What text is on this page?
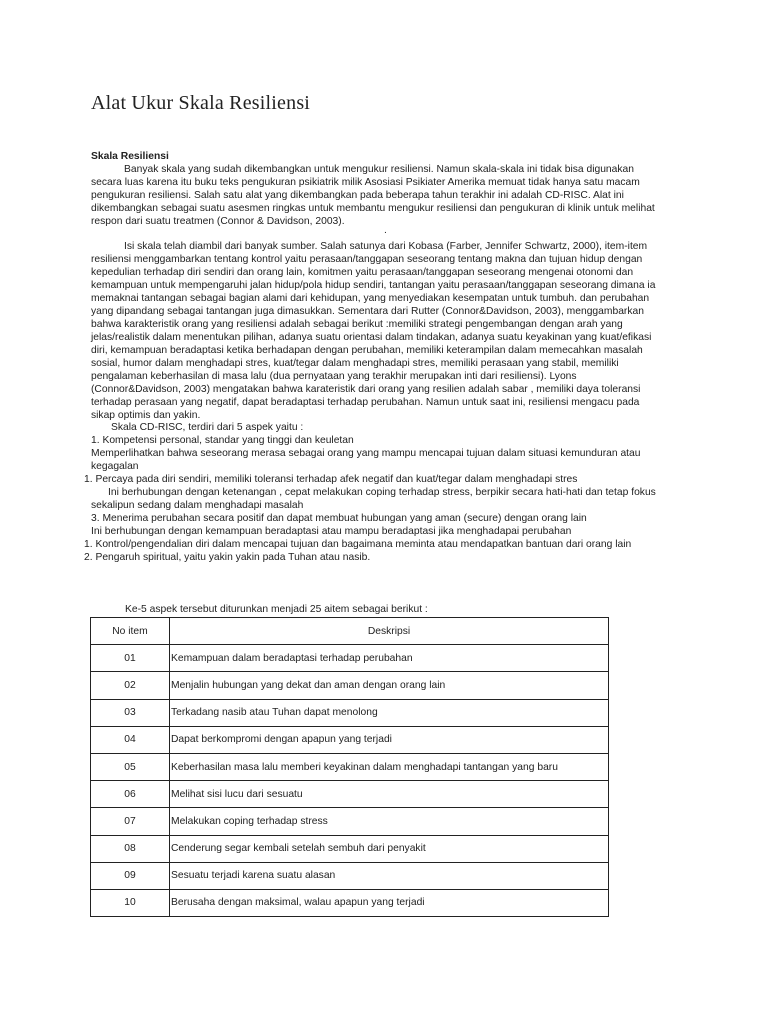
Alat Ukur Skala Resiliensi
Skala Resiliensi
Banyak skala yang sudah dikembangkan untuk mengukur resiliensi. Namun skala-skala ini tidak bisa digunakan
secara luas karena itu buku teks pengukuran psikiatrik milik Asosiasi Psikiater Amerika memuat tidak hanya satu macam
pengukuran resiliensi. Salah satu alat yang dikembangkan pada beberapa tahun terakhir ini adalah CD-RISC. Alat ini
dikembangkan sebagai suatu asesmen ringkas untuk membantu mengukur resiliensi dan pengukuran di klinik untuk melihat
respon dari suatu treatmen (Connor & Davidson, 2003).
.
Isi skala telah diambil dari banyak sumber. Salah satunya dari Kobasa (Farber, Jennifer Schwartz, 2000), item-item
resiliensi menggambarkan tentang kontrol yaitu perasaan/tanggapan seseorang tentang makna dan tujuan hidup dengan
kepedulian terhadap diri sendiri dan orang lain, komitmen yaitu perasaan/tanggapan seseorang mengenai otonomi dan
kemampuan untuk mempengaruhi jalan hidup/pola hidup sendiri, tantangan yaitu perasaan/tanggapan seseorang dimana ia
memaknai tantangan sebagai bagian alami dari kehidupan, yang menyediakan kesempatan untuk tumbuh. dan perubahan
yang dipandang sebagai tantangan juga dimasukkan. Sementara dari Rutter (Connor&Davidson, 2003), menggambarkan
bahwa karakteristik orang yang resiliensi adalah sebagai berikut :memiliki strategi pengembangan dengan arah yang
jelas/realistik dalam menentukan pilihan, adanya suatu orientasi dalam tindakan, adanya suatu keyakinan yang kuat/efikasi
diri, kemampuan beradaptasi ketika berhadapan dengan perubahan, memiliki keterampilan dalam memecahkan masalah
sosial, humor dalam menghadapi stres, kuat/tegar dalam menghadapi stres, memiliki perasaan yang stabil, memiliki
pengalaman keberhasilan di masa lalu (dua pernyataan yang terakhir merupakan inti dari resiliensi). Lyons
(Connor&Davidson, 2003) mengatakan bahwa karateristik dari orang yang resilien adalah sabar , memiliki daya toleransi
terhadap perasaan yang negatif, dapat beradaptasi terhadap perubahan. Namun untuk saat ini, resiliensi mengacu pada
sikap optimis dan yakin.
Skala CD-RISC, terdiri dari 5 aspek yaitu :
1. Kompetensi personal, standar yang tinggi dan keuletan
Memperlihatkan bahwa seseorang merasa sebagai orang yang mampu mencapai tujuan dalam situasi kemunduran atau
kegagalan
1. Percaya pada diri sendiri, memiliki toleransi terhadap afek negatif dan kuat/tegar dalam menghadapi stres
Ini berhubungan dengan ketenangan , cepat melakukan coping terhadap stress, berpikir secara hati-hati dan tetap fokus
sekalipun sedang dalam menghadapi masalah
3. Menerima perubahan secara positif dan dapat membuat hubungan yang aman (secure) dengan orang lain
Ini berhubungan dengan kemampuan beradaptasi atau mampu beradaptasi jika menghadapai perubahan
1. Kontrol/pengendalian diri dalam mencapai tujuan dan bagaimana meminta atau mendapatkan bantuan dari orang lain
2. Pengaruh spiritual, yaitu yakin yakin pada Tuhan atau nasib.
Ke-5 aspek tersebut diturunkan menjadi 25 aitem sebagai berikut :
No item	Deskripsi
01	Kemampuan dalam beradaptasi terhadap perubahan
02	Menjalin hubungan yang dekat dan aman dengan orang lain
03	Terkadang nasib atau Tuhan dapat menolong
04	Dapat berkompromi dengan apapun yang terjadi
05	Keberhasilan masa lalu memberi keyakinan dalam menghadapi tantangan yang baru
06	Melihat sisi lucu dari sesuatu
07	Melakukan coping terhadap stress
08	Cenderung segar kembali setelah sembuh dari penyakit
09	Sesuatu terjadi karena suatu alasan
10	Berusaha dengan maksimal, walau apapun yang terjadi
